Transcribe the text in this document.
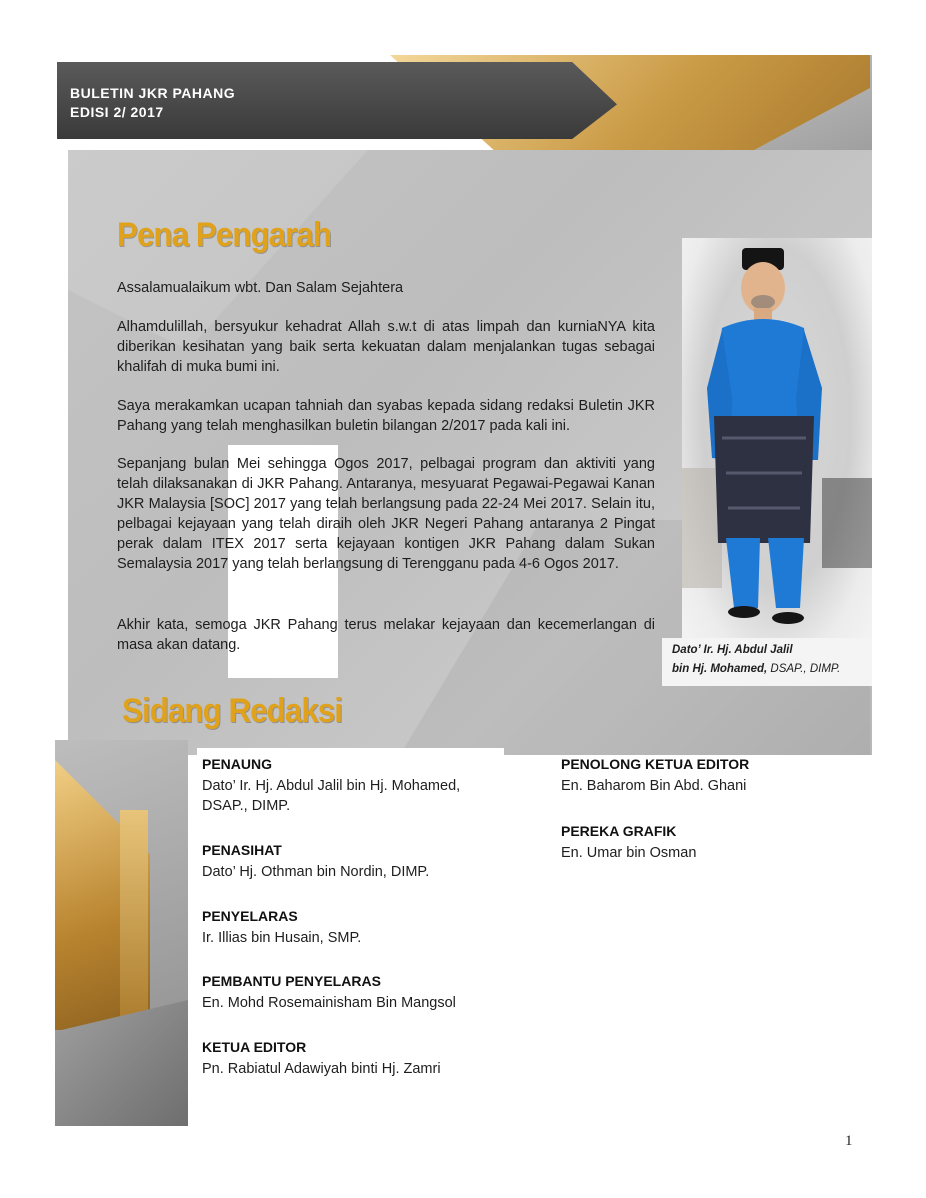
BULETIN JKR PAHANG
EDISI 2/ 2017
Pena Pengarah
Assalamualaikum wbt. Dan Salam Sejahtera
Alhamdulillah, bersyukur kehadrat Allah s.w.t di atas limpah dan kurniaNYA kita diberikan kesihatan yang baik serta kekuatan dalam menjalankan tugas sebagai khalifah di muka bumi ini.
Saya merakamkan ucapan tahniah dan syabas kepada sidang redaksi Buletin JKR Pahang yang telah menghasilkan buletin bilangan 2/2017 pada kali ini.
Sepanjang bulan Mei sehingga Ogos 2017, pelbagai program dan aktiviti yang telah dilaksanakan di JKR Pahang. Antaranya, mesyuarat Pegawai-Pegawai Kanan JKR Malaysia [SOC] 2017 yang telah berlangsung pada 22-24 Mei 2017. Selain itu, pelbagai kejayaan yang telah diraih oleh JKR Negeri Pahang antaranya 2 Pingat perak dalam ITEX 2017 serta kejayaan kontigen JKR Pahang dalam Sukan Semalaysia 2017 yang telah berlangsung di Terengganu pada 4-6 Ogos 2017.
Akhir kata, semoga JKR Pahang terus melakar kejayaan dan kecemerlangan di masa akan datang.	Dato’ Ir. Hj. Abdul Jalil
bin Hj. Mohamed, DSAP., DIMP.
Sidang Redaksi
PENAUNG
Dato’ Ir. Hj. Abdul Jalil bin Hj. Mohamed, DSAP., DIMP.
PENASIHAT
Dato’ Hj. Othman bin Nordin, DIMP.
PENYELARAS
Ir. Illias bin Husain, SMP.
PEMBANTU PENYELARAS
En. Mohd Rosemainisham Bin Mangsol
KETUA EDITOR
Pn. Rabiatul Adawiyah binti Hj. Zamri
PENOLONG KETUA EDITOR
En. Baharom Bin Abd. Ghani
PEREKA GRAFIK
En. Umar bin Osman
1
